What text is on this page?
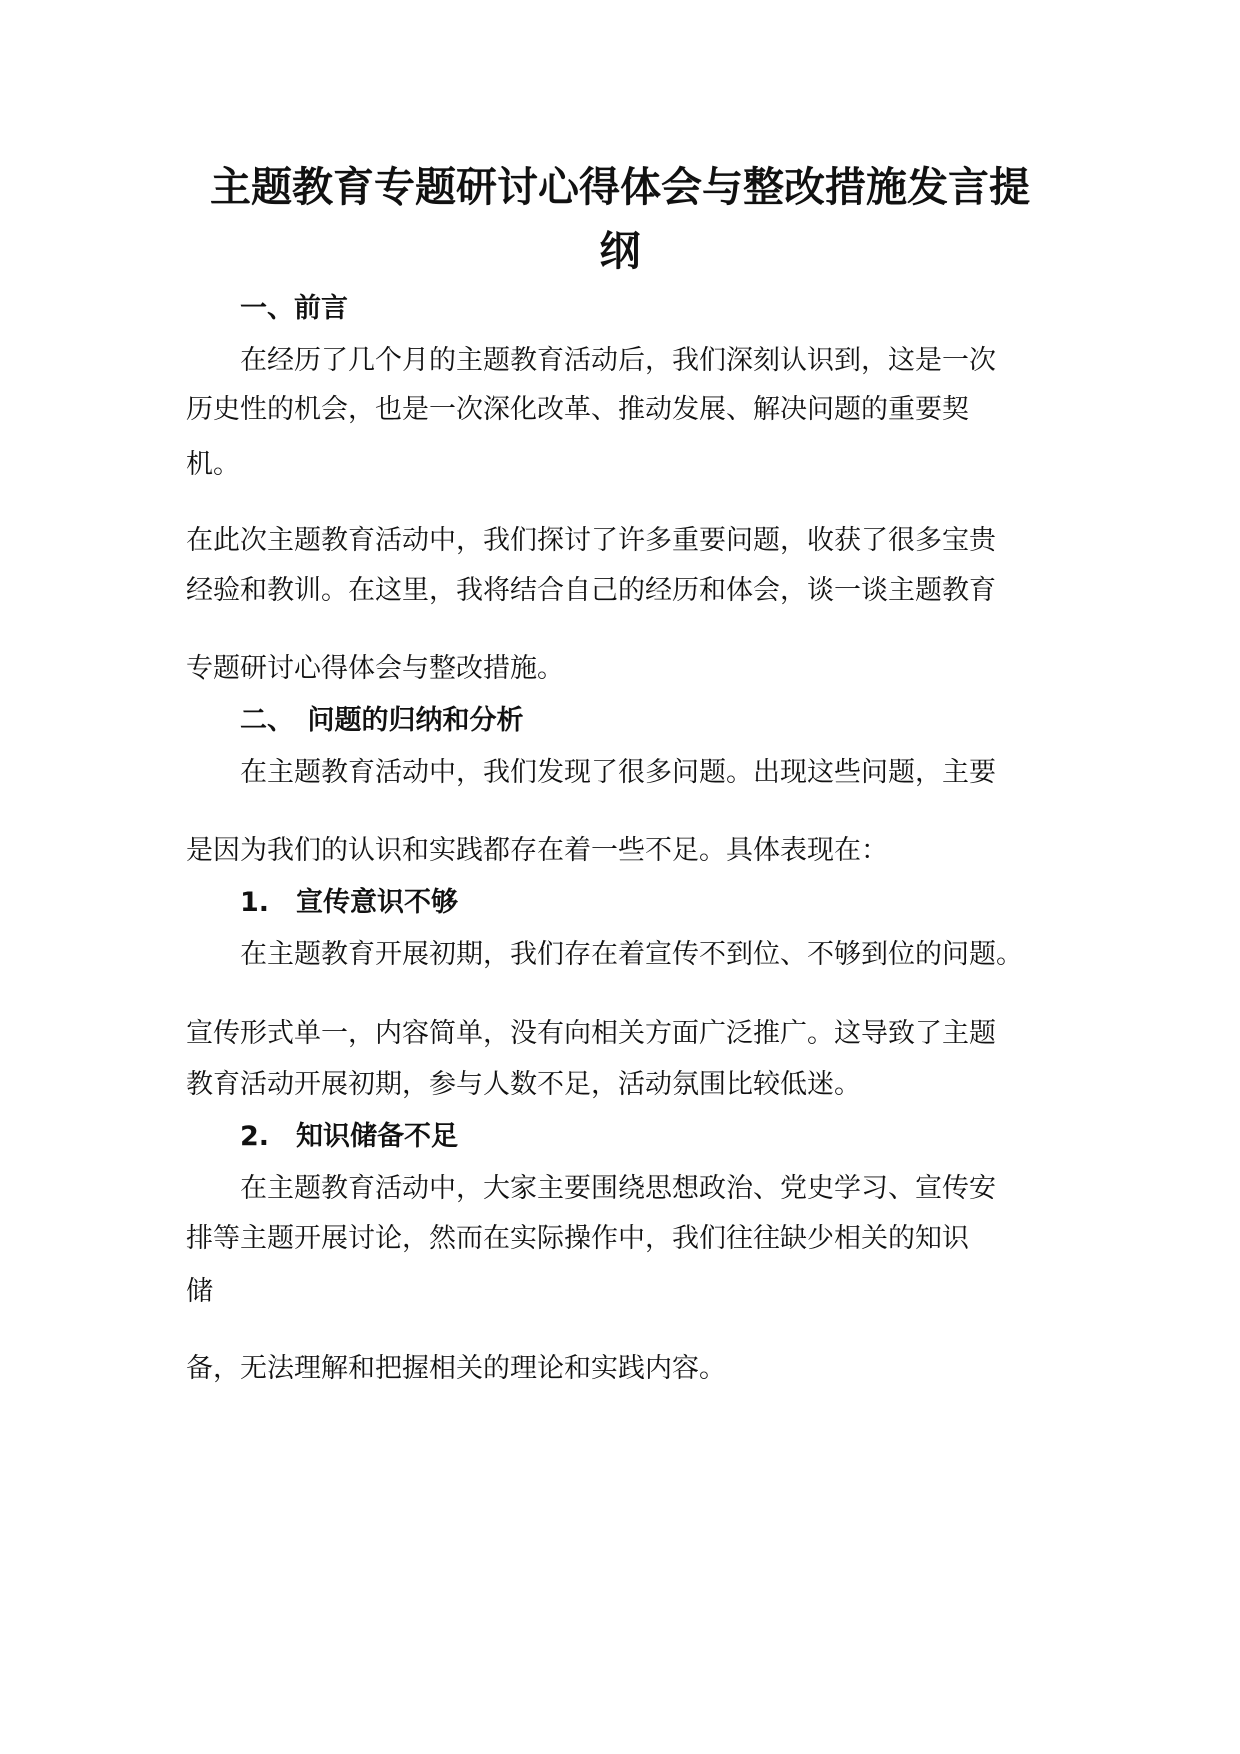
主题教育专题研讨心得体会与整改措施发言提
纲
一、前言

在经历了几个月的主题教育活动后，我们深刻认识到，这是一次

历史性的机会，也是一次深化改革、推动发展、解决问题的重要契

机。

在此次主题教育活动中，我们探讨了许多重要问题，收获了很多宝贵

经验和教训。在这里，我将结合自己的经历和体会，谈一谈主题教育

专题研讨心得体会与整改措施。

二、　问题的归纳和分析

在主题教育活动中，我们发现了很多问题。出现这些问题，主要

是因为我们的认识和实践都存在着一些不足。具体表现在：

1.　宣传意识不够

在主题教育开展初期，我们存在着宣传不到位、不够到位的问题。

宣传形式单一，内容简单，没有向相关方面广泛推广。这导致了主题

教育活动开展初期，参与人数不足，活动氛围比较低迷。

2.　知识储备不足

在主题教育活动中，大家主要围绕思想政治、党史学习、宣传安

排等主题开展讨论，然而在实际操作中，我们往往缺少相关的知识

储

备，无法理解和把握相关的理论和实践内容。
